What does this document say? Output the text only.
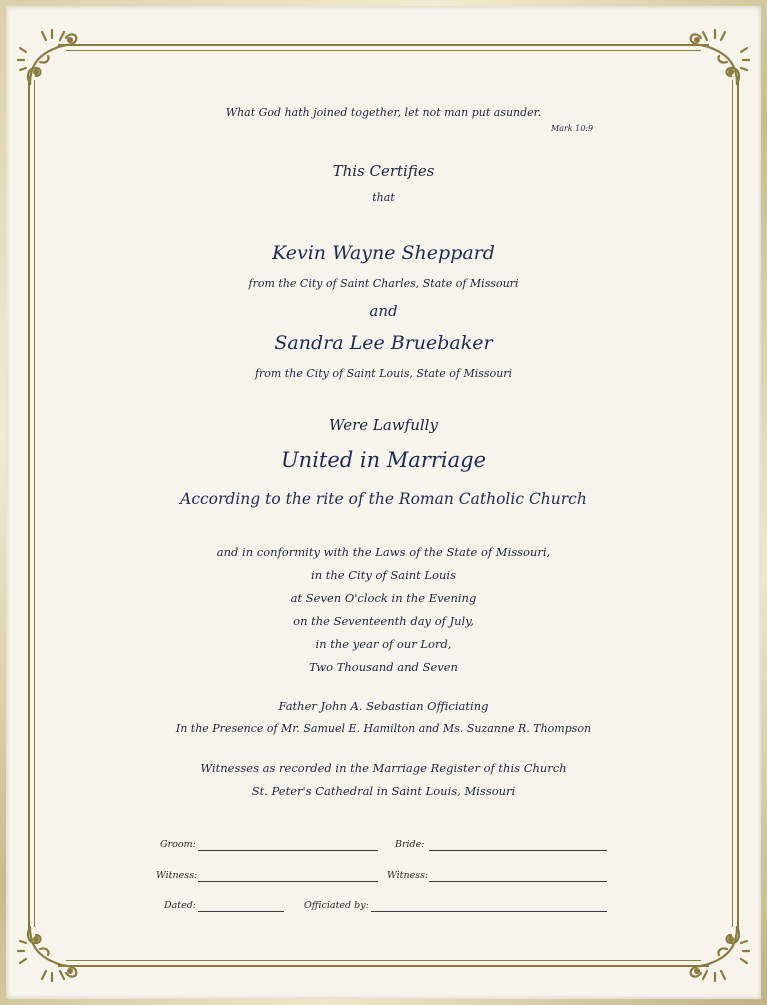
What God hath joined together, let not man put asunder.
Mark 10:9
This Certifies
that
Kevin Wayne Sheppard
from the City of Saint Charles, State of Missouri
and
Sandra Lee Bruebaker
from the City of Saint Louis, State of Missouri
Were Lawfully
United in Marriage
According to the rite of the Roman Catholic Church
and in conformity with the Laws of the State of Missouri,
in the City of Saint Louis
at Seven O'clock in the Evening
on the Seventeenth day of July,
in the year of our Lord,
Two Thousand and Seven
Father John A. Sebastian Officiating
In the Presence of Mr. Samuel E. Hamilton and Ms. Suzanne R. Thompson
Witnesses as recorded in the Marriage Register of this Church
St. Peter's Cathedral in Saint Louis, Missouri
Groom:	Bride:
Witness:	Witness:
Dated:	Officiated by:
